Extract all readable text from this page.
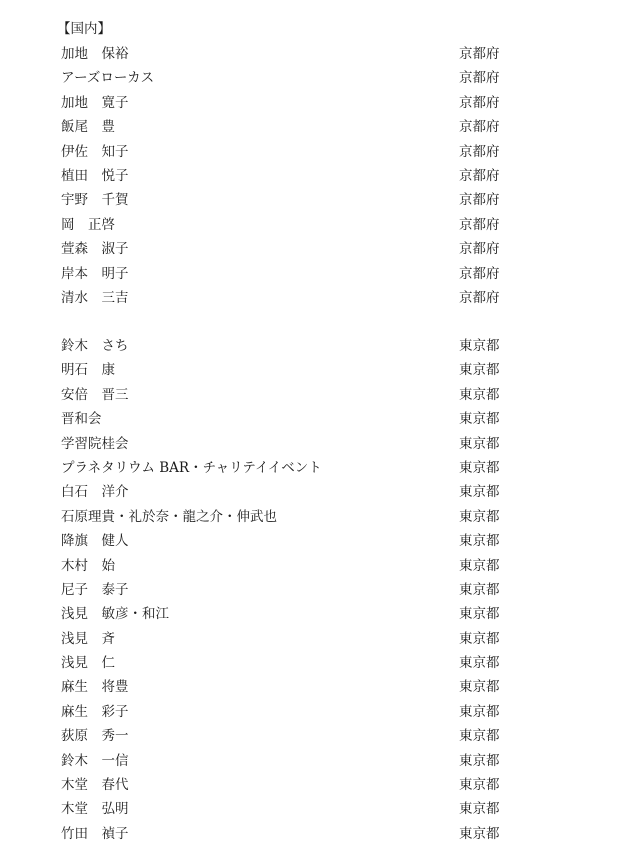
【国内】
加地　保裕	京都府
アーズローカス	京都府
加地　寛子	京都府
飯尾　豊	京都府
伊佐　知子	京都府
植田　悦子	京都府
宇野　千賀	京都府
岡　正啓	京都府
萱森　淑子	京都府
岸本　明子	京都府
清水　三吉	京都府
鈴木　さち	東京都
明石　康	東京都
安倍　晋三	東京都
晋和会	東京都
学習院桂会	東京都
プラネタリウム BAR・チャリテイイベント	東京都
白石　洋介	東京都
石原理貴・礼於奈・龍之介・伸武也	東京都
降旗　健人	東京都
木村　始	東京都
尼子　泰子	東京都
浅見　敏彦・和江	東京都
浅見　斉	東京都
浅見　仁	東京都
麻生　将豊	東京都
麻生　彩子	東京都
荻原　秀一	東京都
鈴木　一信	東京都
木堂　春代	東京都
木堂　弘明	東京都
竹田　禎子	東京都
